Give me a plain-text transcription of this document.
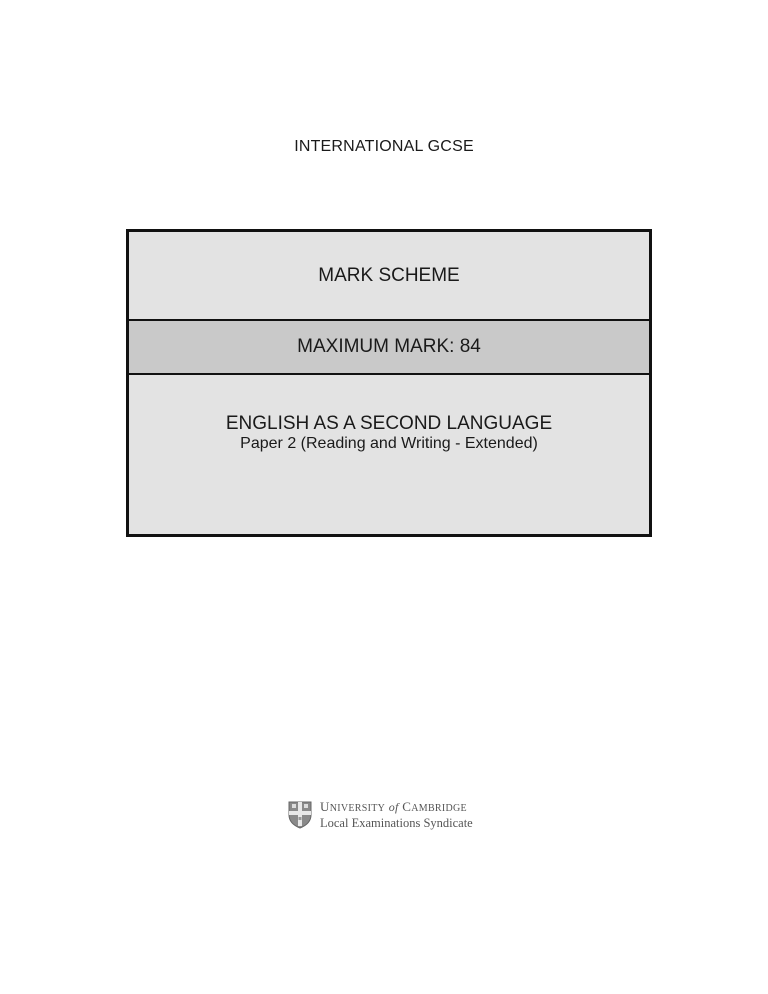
INTERNATIONAL GCSE
MARK SCHEME
MAXIMUM MARK: 84
ENGLISH AS A SECOND LANGUAGE
Paper 2 (Reading and Writing - Extended)
UNIVERSITY of CAMBRIDGE
Local Examinations Syndicate
